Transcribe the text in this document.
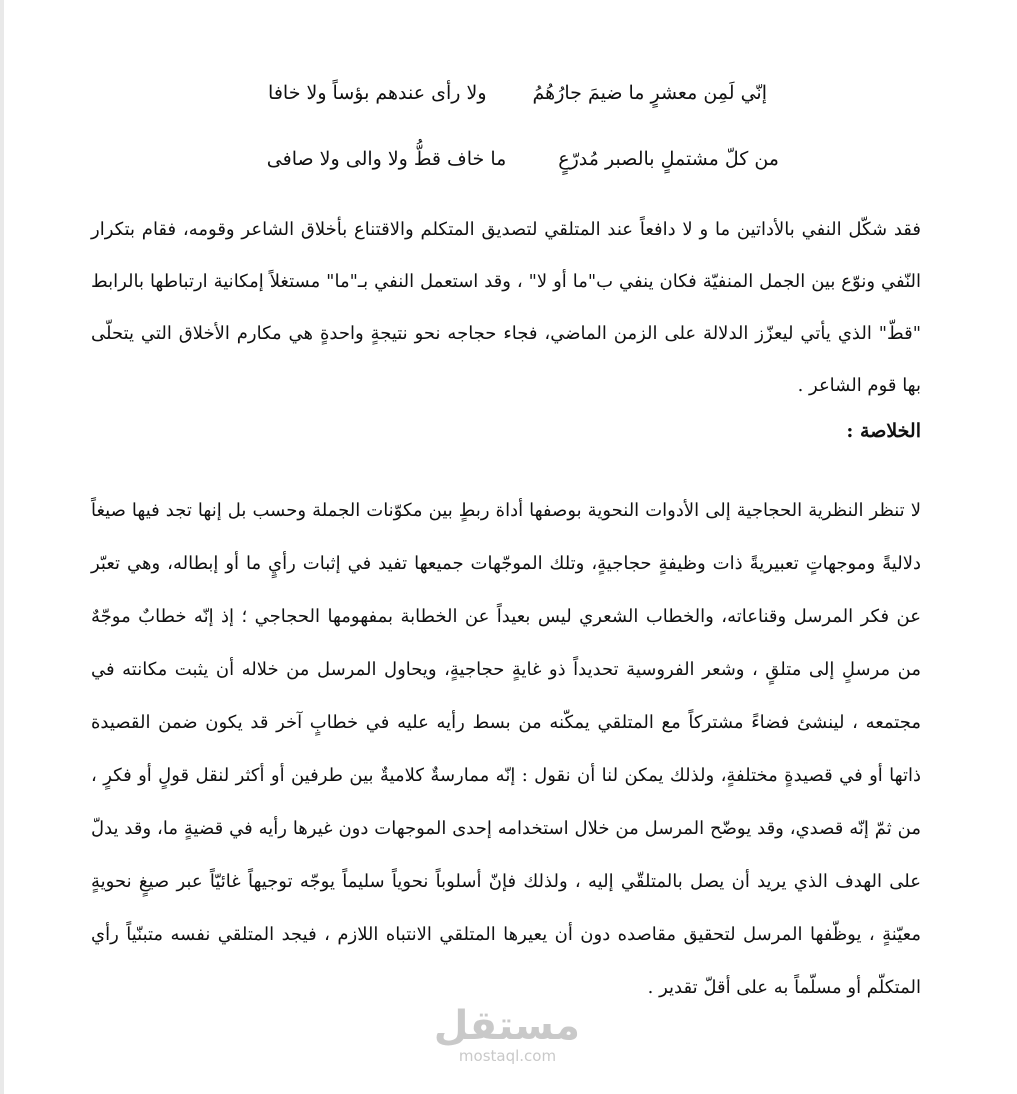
إنّي لَمِن معشرٍ ما ضيمَ جارُهُمُ
ولا رأى عندهم بؤساً ولا خافا
من كلّ مشتملٍ بالصبر مُدرّعٍ
ما خاف قطُّ ولا والى ولا صافى

فقد شكّل النفي بالأداتين ما و لا دافعاً عند المتلقي لتصديق المتكلم والاقتناع بأخلاق الشاعر وقومه، فقام بتكرار النّفي ونوّع بين الجمل المنفيّة فكان ينفي ب"ما أو لا" ، وقد استعمل النفي بـ"ما" مستغلاً إمكانية ارتباطها بالرابط "قطّ" الذي يأتي ليعزّز الدلالة على الزمن الماضي، فجاء حجاجه نحو نتيجةٍ واحدةٍ هي مكارم الأخلاق التي يتحلّى بها قوم الشاعر .

الخلاصة :

لا تنظر النظرية الحجاجية إلى الأدوات النحوية بوصفها أداة ربطٍ بين مكوّنات الجملة وحسب بل إنها تجد فيها صيغاً دلاليةً وموجهاتٍ تعبيريةً ذات وظيفةٍ حجاجيةٍ، وتلك الموجّهات جميعها تفيد في إثبات رأيٍ ما أو إبطاله، وهي تعبّر عن فكر المرسل وقناعاته، والخطاب الشعري ليس بعيداً عن الخطابة بمفهومها الحجاجي ؛ إذ إنّه خطابٌ موجّهٌ من مرسلٍ إلى متلقٍ ، وشعر الفروسية تحديداً ذو غايةٍ حجاجيةٍ، ويحاول المرسل من خلاله أن يثبت مكانته في مجتمعه ، لينشئ فضاءً مشتركاً مع المتلقي يمكّنه من بسط رأيه عليه في خطابٍ آخر قد يكون ضمن القصيدة ذاتها أو في قصيدةٍ مختلفةٍ، ولذلك يمكن لنا أن نقول : إنّه ممارسةٌ كلاميةٌ بين طرفين أو أكثر لنقل قولٍ أو فكرٍ ، من ثمّ إنّه قصدي، وقد يوضّح المرسل من خلال استخدامه إحدى الموجهات دون غيرها رأيه في قضيةٍ ما، وقد يدلّ على الهدف الذي يريد أن يصل بالمتلقّي إليه ، ولذلك فإنّ أسلوباً نحوياً سليماً يوجّه توجيهاً غائيّاً عبر صيغٍ نحويةٍ معيّنةٍ ، يوظّفها المرسل لتحقيق مقاصده دون أن يعيرها المتلقي الانتباه اللازم ، فيجد المتلقي نفسه متبنّياً رأي المتكلّم أو مسلّماً به على أقلّ تقدير .

مستقل
mostaql.com
